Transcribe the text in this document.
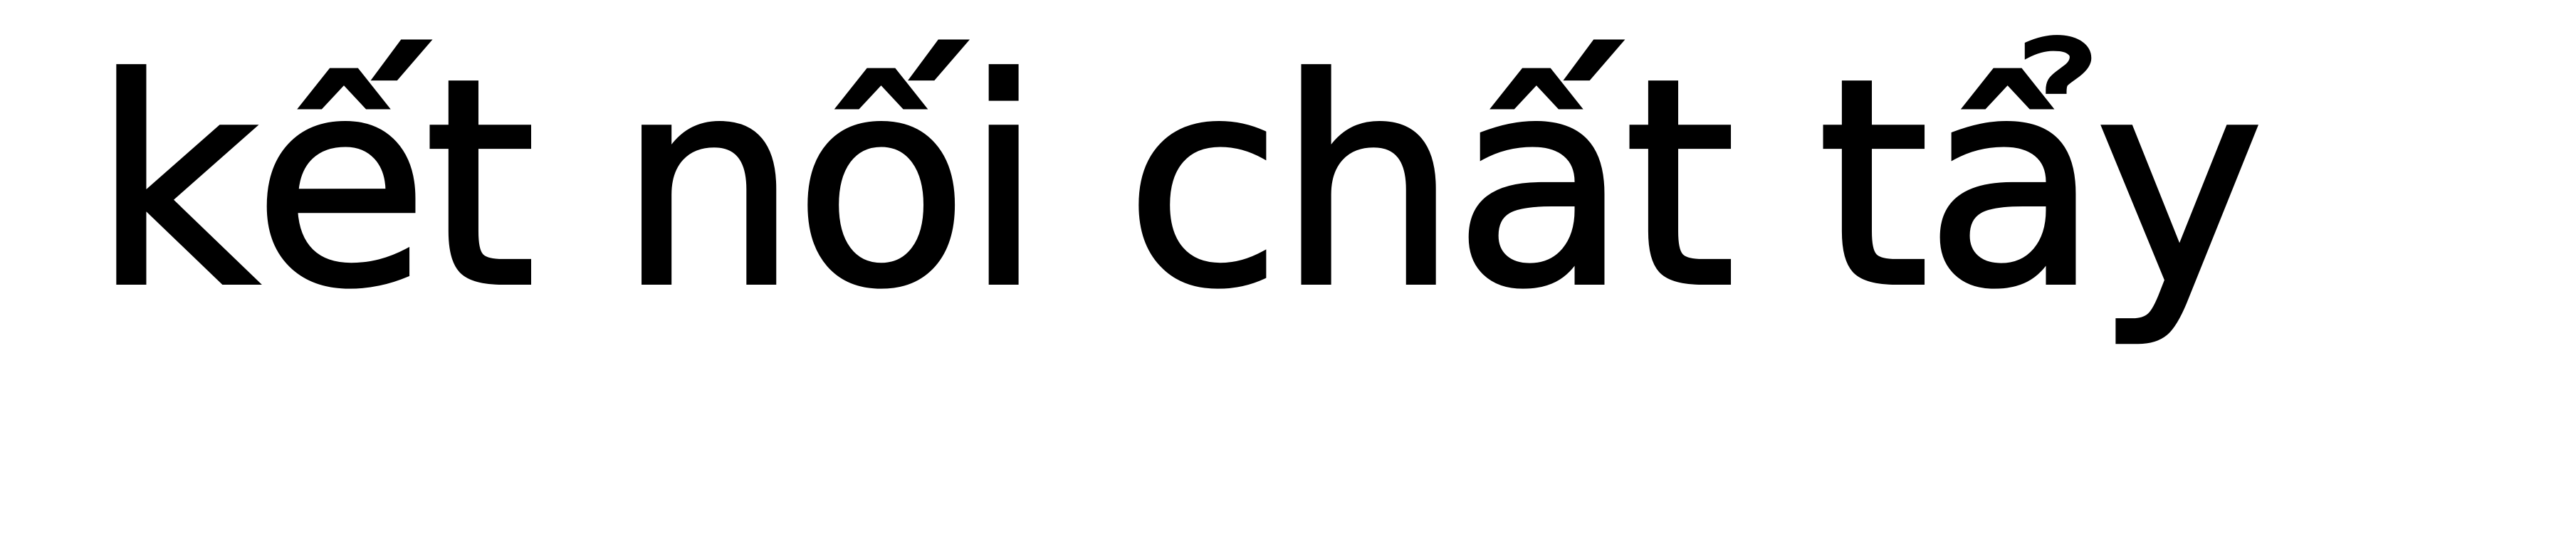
kết nối chất tẩy
